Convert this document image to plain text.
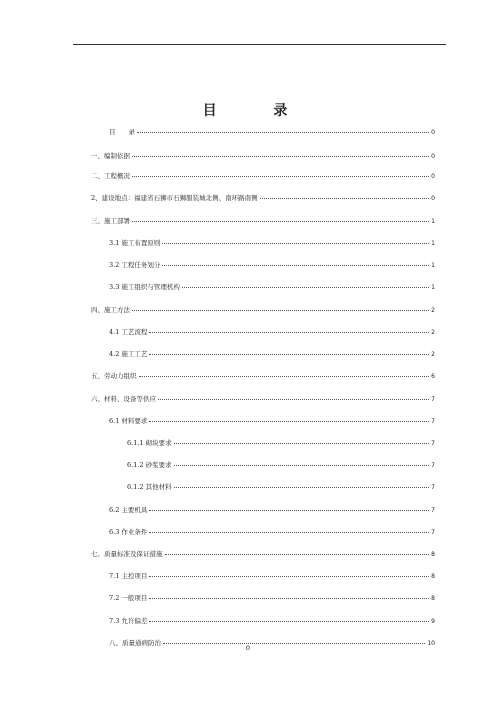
目 录
目　　录	0
一、编制依据	0
二、工程概况	0
2、建设地点：福建省石狮市石狮服装城北侧、南环路南侧	0
三、施工部署	1
3.1 施工布置原则	1
3.2 工程任务划分	1
3.3 施工组织与管理机构	1
四、施工方法	2
4.1 工艺流程	2
4.2 施工工艺	2
五、劳动力组织	6
六、材料、设备等供应	7
6.1 材料要求	7
6.1.1 砌块要求	7
6.1.2 砂浆要求	7
6.1.2 其他材料	7
6.2 主要机具	7
6.3 作业条件	7
七、质量标准及保证措施	8
7.1 主控项目	8
7.2 一般项目	8
7.3 允许偏差	9
八、质量通病防治	10
0
